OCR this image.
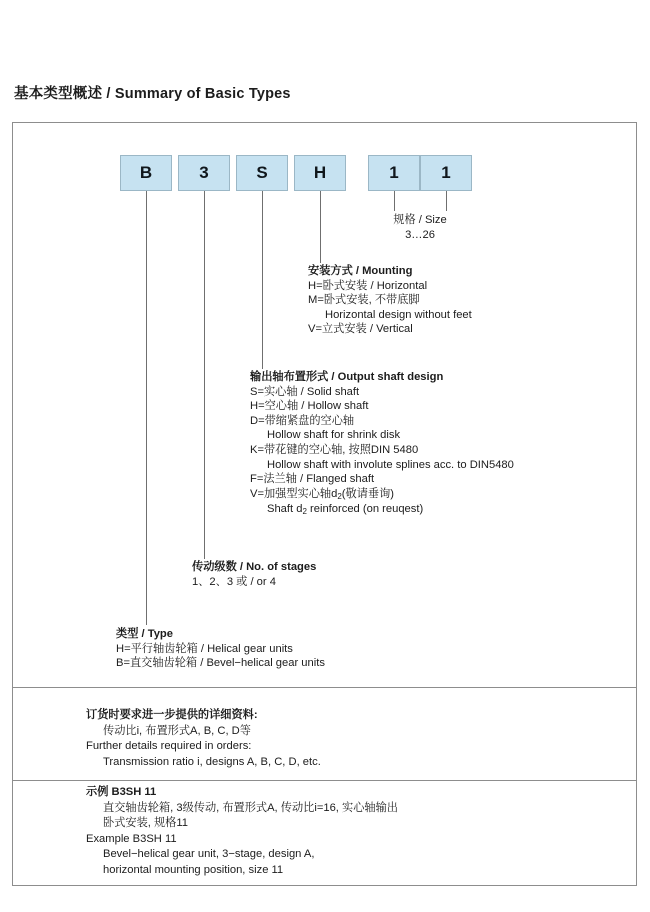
基本类型概述 / Summary of Basic Types
B	3	S	H	1	1
规格 / Size
3…26
安装方式 / Mounting
H=卧式安装 / Horizontal
M=卧式安装, 不带底脚
Horizontal design without feet
V=立式安装 / Vertical
输出轴布置形式 / Output shaft design
S=实心轴 / Solid shaft
H=空心轴 / Hollow shaft
D=带缩紧盘的空心轴
Hollow shaft for shrink disk
K=带花键的空心轴, 按照DIN 5480
Hollow shaft with involute splines acc. to DIN5480
F=法兰轴 / Flanged shaft
V=加强型实心轴$d_2$(敬请垂询)
Shaft $d_2$ reinforced (on reuqest)
传动级数 / No. of stages
1、2、3 或 / or 4
类型 / Type
H=平行轴齿轮箱 / Helical gear units
B=直交轴齿轮箱 / Bevel−helical gear units
订货时要求进一步提供的详细资料:
传动比i, 布置形式A, B, C, D等
Further details required in orders:
Transmission ratio i, designs A, B, C, D, etc.
示例 B3SH 11
直交轴齿轮箱, 3级传动, 布置形式A, 传动比i=16, 实心轴输出
卧式安装, 规格11
Example B3SH 11
Bevel−helical gear unit, 3−stage, design A,
horizontal mounting position, size 11
